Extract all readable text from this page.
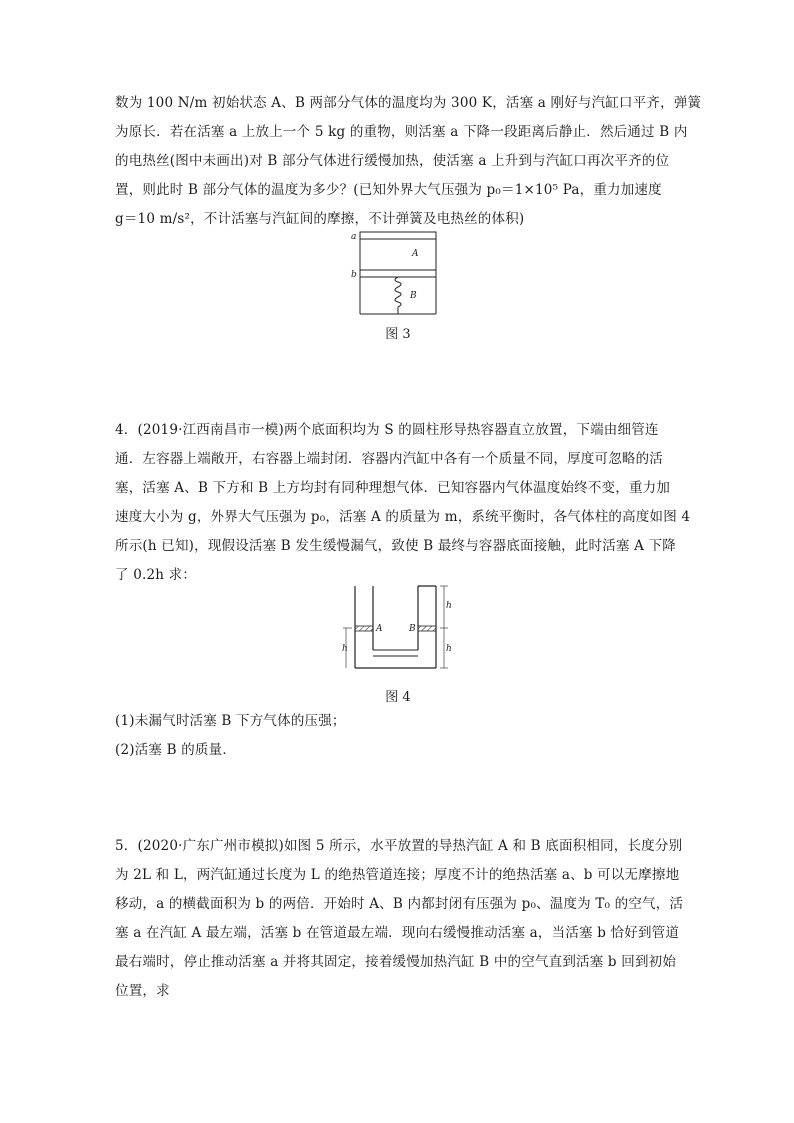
数为 100 N/m 初始状态 A、B 两部分气体的温度均为 300 K，活塞 a 刚好与汽缸口平齐，弹簧

为原长．若在活塞 a 上放上一个 5 kg 的重物，则活塞 a 下降一段距离后静止．然后通过 B 内

的电热丝(图中未画出)对 B 部分气体进行缓慢加热，使活塞 a 上升到与汽缸口再次平齐的位

置，则此时 B 部分气体的温度为多少？(已知外界大气压强为 p₀＝1×10⁵ Pa，重力加速度

g＝10 m/s²，不计活塞与汽缸间的摩擦，不计弹簧及电热丝的体积)

a
b
A
B
图 3

4．(2019·江西南昌市一模)两个底面积均为 S 的圆柱形导热容器直立放置，下端由细管连

通．左容器上端敞开，右容器上端封闭．容器内汽缸中各有一个质量不同，厚度可忽略的活

塞，活塞 A、B 下方和 B 上方均封有同种理想气体．已知容器内气体温度始终不变，重力加

速度大小为 g，外界大气压强为 p₀，活塞 A 的质量为 m，系统平衡时，各气体柱的高度如图 4

所示(h 已知)，现假设活塞 B 发生缓慢漏气，致使 B 最终与容器底面接触，此时活塞 A 下降

了 0.2h 求：

A	B
h
h
h
图 4

(1)未漏气时活塞 B 下方气体的压强；

(2)活塞 B 的质量．

5．(2020·广东广州市模拟)如图 5 所示，水平放置的导热汽缸 A 和 B 底面积相同，长度分别

为 2L 和 L，两汽缸通过长度为 L 的绝热管道连接；厚度不计的绝热活塞 a、b 可以无摩擦地

移动，a 的横截面积为 b 的两倍．开始时 A、B 内都封闭有压强为 p₀、温度为 T₀ 的空气，活

塞 a 在汽缸 A 最左端，活塞 b 在管道最左端．现向右缓慢推动活塞 a，当活塞 b 恰好到管道

最右端时，停止推动活塞 a 并将其固定，接着缓慢加热汽缸 B 中的空气直到活塞 b 回到初始

位置，求
